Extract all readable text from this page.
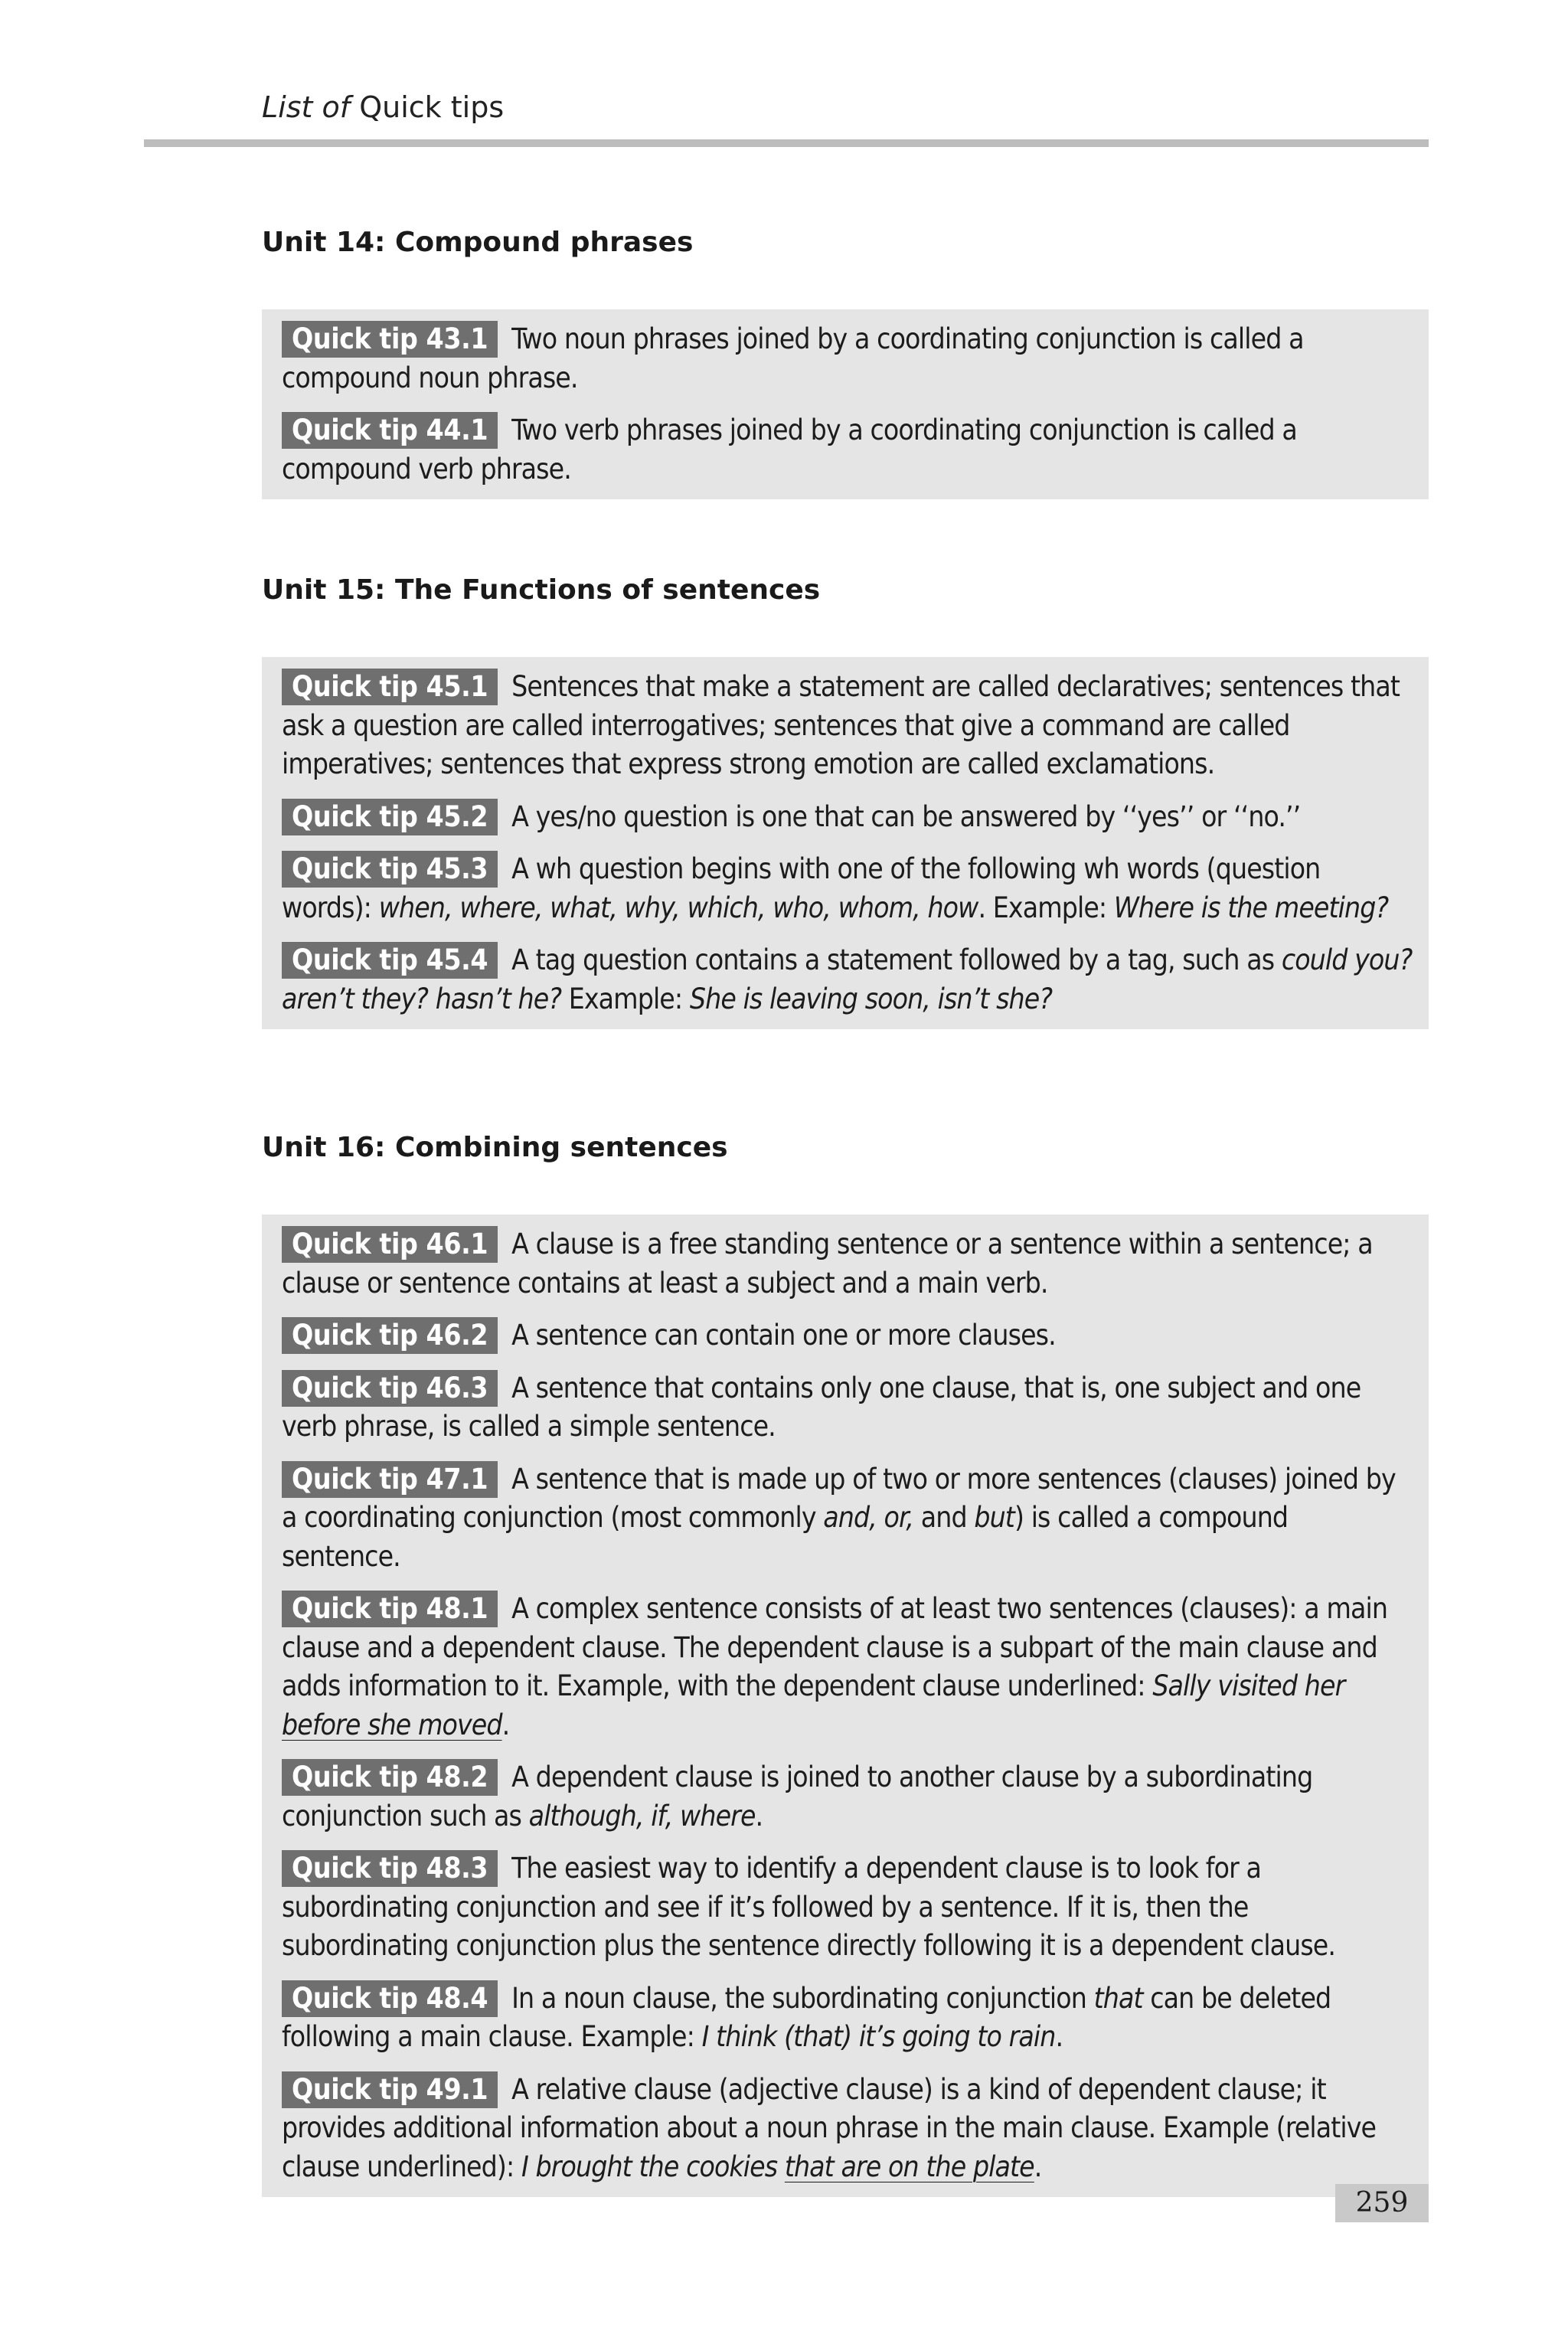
List of Quick tips
Unit 14: Compound phrases
Quick tip 43.1 Two noun phrases joined by a coordinating conjunction is called a compound noun phrase.
Quick tip 44.1 Two verb phrases joined by a coordinating conjunction is called a compound verb phrase.
Unit 15: The Functions of sentences
Quick tip 45.1 Sentences that make a statement are called declaratives; sentences that ask a question are called interrogatives; sentences that give a command are called imperatives; sentences that express strong emotion are called exclamations.
Quick tip 45.2 A yes/no question is one that can be answered by ‘‘yes’’ or ‘‘no.’’
Quick tip 45.3 A wh question begins with one of the following wh words (question words): when, where, what, why, which, who, whom, how. Example: Where is the meeting?
Quick tip 45.4 A tag question contains a statement followed by a tag, such as could you? aren’t they? hasn’t he? Example: She is leaving soon, isn’t she?
Unit 16: Combining sentences
Quick tip 46.1 A clause is a free standing sentence or a sentence within a sentence; a clause or sentence contains at least a subject and a main verb.
Quick tip 46.2 A sentence can contain one or more clauses.
Quick tip 46.3 A sentence that contains only one clause, that is, one subject and one verb phrase, is called a simple sentence.
Quick tip 47.1 A sentence that is made up of two or more sentences (clauses) joined by a coordinating conjunction (most commonly and, or, and but) is called a compound sentence.
Quick tip 48.1 A complex sentence consists of at least two sentences (clauses): a main clause and a dependent clause. The dependent clause is a subpart of the main clause and adds information to it. Example, with the dependent clause underlined: Sally visited her before she moved.
Quick tip 48.2 A dependent clause is joined to another clause by a subordinating conjunction such as although, if, where.
Quick tip 48.3 The easiest way to identify a dependent clause is to look for a subordinating conjunction and see if it’s followed by a sentence. If it is, then the subordinating conjunction plus the sentence directly following it is a dependent clause.
Quick tip 48.4 In a noun clause, the subordinating conjunction that can be deleted following a main clause. Example: I think (that) it’s going to rain.
Quick tip 49.1 A relative clause (adjective clause) is a kind of dependent clause; it provides additional information about a noun phrase in the main clause. Example (relative clause underlined): I brought the cookies that are on the plate.
259
